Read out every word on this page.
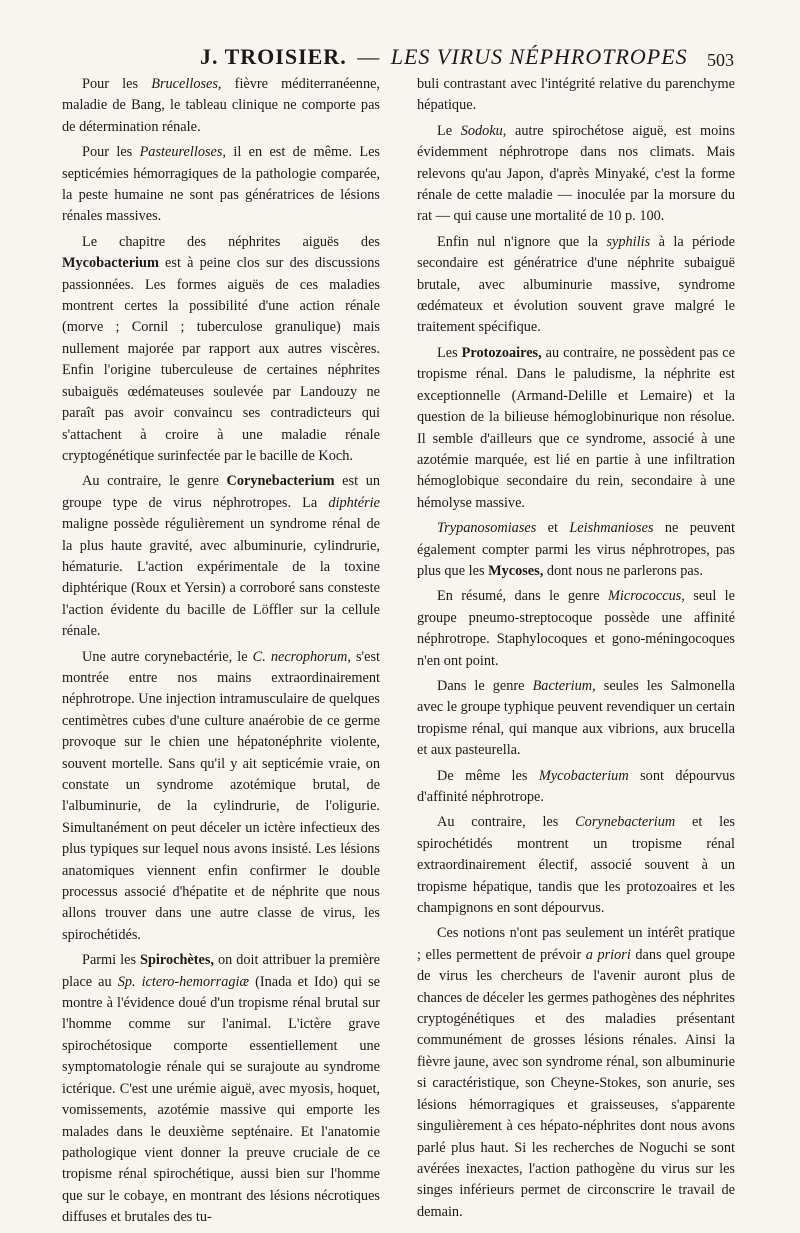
J. TROISIER. — LES VIRUS NÉPHROTROPES 503

Pour les Brucelloses, fièvre méditerranéenne, maladie de Bang, le tableau clinique ne comporte pas de détermination rénale.

Pour les Pasteurelloses, il en est de même. Les septicémies hémorragiques de la pathologie comparée, la peste humaine ne sont pas génératrices de lésions rénales massives.

Le chapitre des néphrites aiguës des Mycobacterium est à peine clos sur des discussions passionnées. Les formes aiguës de ces maladies montrent certes la possibilité d'une action rénale (morve ; Cornil ; tuberculose granulique) mais nullement majorée par rapport aux autres viscères. Enfin l'origine tuberculeuse de certaines néphrites subaiguës œdémateuses soulevée par Landouzy ne paraît pas avoir convaincu ses contradicteurs qui s'attachent à croire à une maladie rénale cryptogénétique surinfectée par le bacille de Koch.

Au contraire, le genre Corynebacterium est un groupe type de virus néphrotropes. La diphtérie maligne possède régulièrement un syndrome rénal de la plus haute gravité, avec albuminurie, cylindrurie, hématurie. L'action expérimentale de la toxine diphtérique (Roux et Yersin) a corroboré sans consteste l'action évidente du bacille de Löffler sur la cellule rénale.

Une autre corynebactérie, le C. necrophorum, s'est montrée entre nos mains extraordinairement néphrotrope. Une injection intramusculaire de quelques centimètres cubes d'une culture anaérobie de ce germe provoque sur le chien une hépatonéphrite violente, souvent mortelle. Sans qu'il y ait septicémie vraie, on constate un syndrome azotémique brutal, de l'albuminurie, de la cylindrurie, de l'oligurie. Simultanément on peut déceler un ictère infectieux des plus typiques sur lequel nous avons insisté. Les lésions anatomiques viennent enfin confirmer le double processus associé d'hépatite et de néphrite que nous allons trouver dans une autre classe de virus, les spirochétidés.

Parmi les Spirochètes, on doit attribuer la première place au Sp. ictero-hemorragiæ (Inada et Ido) qui se montre à l'évidence doué d'un tropisme rénal brutal sur l'homme comme sur l'animal. L'ictère grave spirochétosique comporte essentiellement une symptomatologie rénale qui se surajoute au syndrome ictérique. C'est une urémie aiguë, avec myosis, hoquet, vomissements, azotémie massive qui emporte les malades dans le deuxième septénaire. Et l'anatomie pathologique vient donner la preuve cruciale de ce tropisme rénal spirochétique, aussi bien sur l'homme que sur le cobaye, en montrant des lésions nécrotiques diffuses et brutales des tu-

buli contrastant avec l'intégrité relative du parenchyme hépatique.

Le Sodoku, autre spirochétose aiguë, est moins évidemment néphrotrope dans nos climats. Mais relevons qu'au Japon, d'après Minyaké, c'est la forme rénale de cette maladie — inoculée par la morsure du rat — qui cause une mortalité de 10 p. 100.

Enfin nul n'ignore que la syphilis à la période secondaire est génératrice d'une néphrite subaiguë brutale, avec albuminurie massive, syndrome œdémateux et évolution souvent grave malgré le traitement spécifique.

Les Protozoaires, au contraire, ne possèdent pas ce tropisme rénal. Dans le paludisme, la néphrite est exceptionnelle (Armand-Delille et Lemaire) et la question de la bilieuse hémoglobinurique non résolue. Il semble d'ailleurs que ce syndrome, associé à une azotémie marquée, est lié en partie à une infiltration hémoglobique secondaire du rein, secondaire à une hémolyse massive.

Trypanosomiases et Leishmanioses ne peuvent également compter parmi les virus néphrotropes, pas plus que les Mycoses, dont nous ne parlerons pas.

En résumé, dans le genre Micrococcus, seul le groupe pneumo-streptocoque possède une affinité néphrotrope. Staphylocoques et gono-méningocoques n'en ont point.

Dans le genre Bacterium, seules les Salmonella avec le groupe typhique peuvent revendiquer un certain tropisme rénal, qui manque aux vibrions, aux brucella et aux pasteurella.

De même les Mycobacterium sont dépourvus d'affinité néphrotrope.

Au contraire, les Corynebacterium et les spirochétidés montrent un tropisme rénal extraordinairement électif, associé souvent à un tropisme hépatique, tandis que les protozoaires et les champignons en sont dépourvus.

Ces notions n'ont pas seulement un intérêt pratique ; elles permettent de prévoir a priori dans quel groupe de virus les chercheurs de l'avenir auront plus de chances de déceler les germes pathogènes des néphrites cryptogénétiques et des maladies présentant communément de grosses lésions rénales. Ainsi la fièvre jaune, avec son syndrome rénal, son albuminurie si caractéristique, son Cheyne-Stokes, son anurie, ses lésions hémorragiques et graisseuses, s'apparente singulièrement à ces hépato-néphrites dont nous avons parlé plus haut. Si les recherches de Noguchi se sont avérées inexactes, l'action pathogène du virus sur les singes inférieurs permet de circonscrire le travail de demain.
